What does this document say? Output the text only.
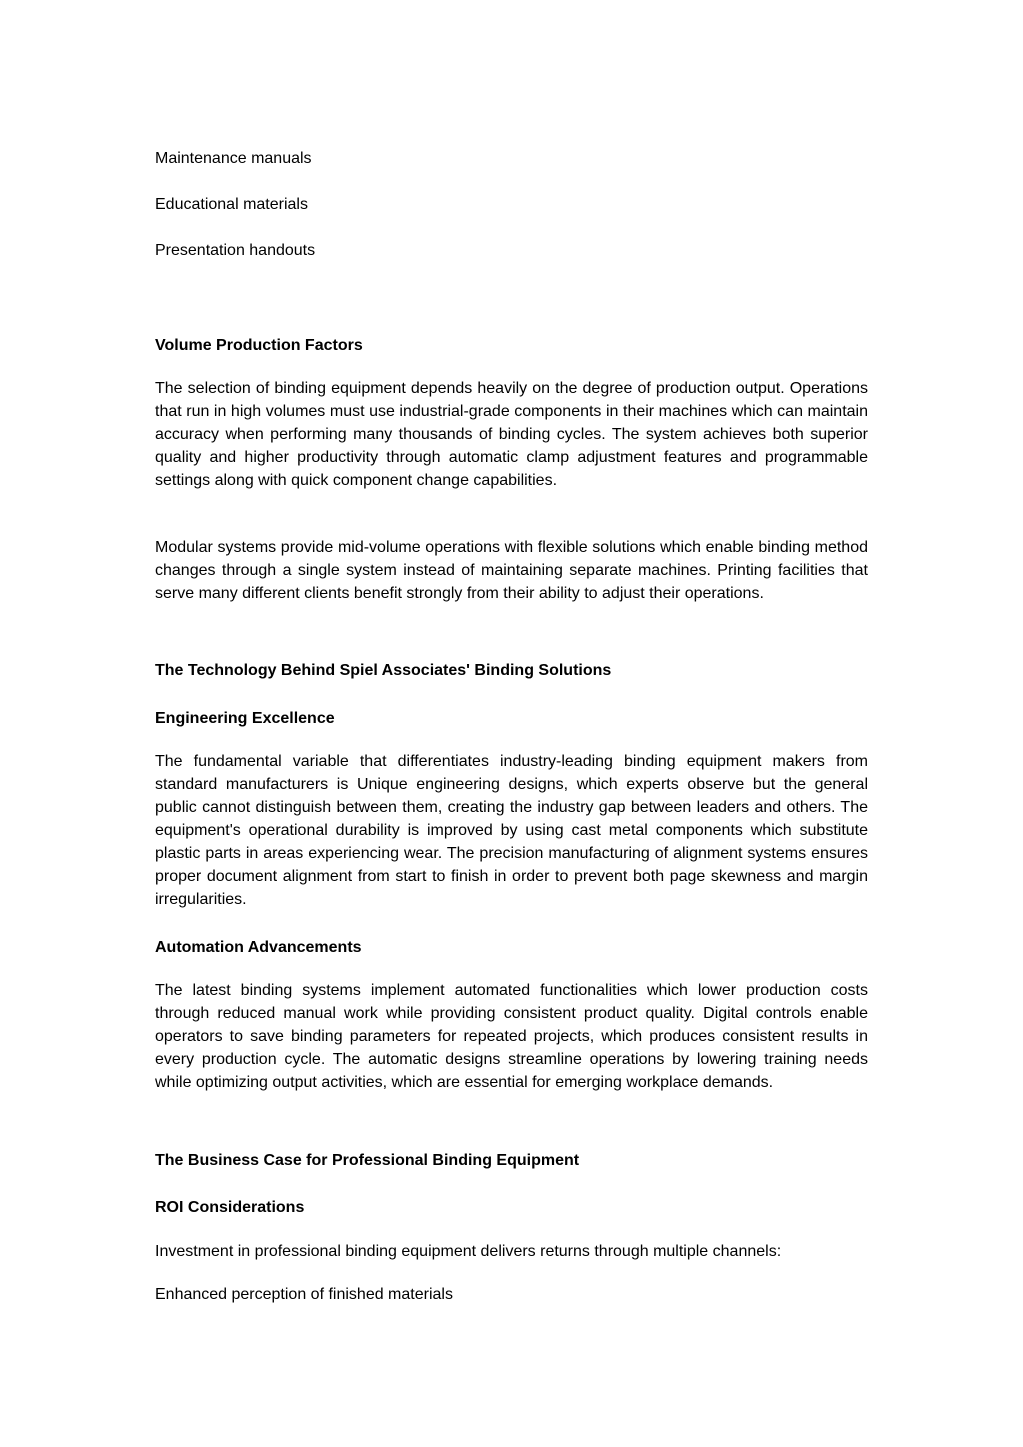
Maintenance manuals
Educational materials
Presentation handouts
Volume Production Factors
The selection of binding equipment depends heavily on the degree of production output. Operations that run in high volumes must use industrial-grade components in their machines which can maintain accuracy when performing many thousands of binding cycles. The system achieves both superior quality and higher productivity through automatic clamp adjustment features and programmable settings along with quick component change capabilities.
Modular systems provide mid-volume operations with flexible solutions which enable binding method changes through a single system instead of maintaining separate machines. Printing facilities that serve many different clients benefit strongly from their ability to adjust their operations.
The Technology Behind Spiel Associates' Binding Solutions
Engineering Excellence
The fundamental variable that differentiates industry-leading binding equipment makers from standard manufacturers is Unique engineering designs, which experts observe but the general public cannot distinguish between them, creating the industry gap between leaders and others. The equipment's operational durability is improved by using cast metal components which substitute plastic parts in areas experiencing wear. The precision manufacturing of alignment systems ensures proper document alignment from start to finish in order to prevent both page skewness and margin irregularities.
Automation Advancements
The latest binding systems implement automated functionalities which lower production costs through reduced manual work while providing consistent product quality. Digital controls enable operators to save binding parameters for repeated projects, which produces consistent results in every production cycle. The automatic designs streamline operations by lowering training needs while optimizing output activities, which are essential for emerging workplace demands.
The Business Case for Professional Binding Equipment
ROI Considerations
Investment in professional binding equipment delivers returns through multiple channels:
Enhanced perception of finished materials
